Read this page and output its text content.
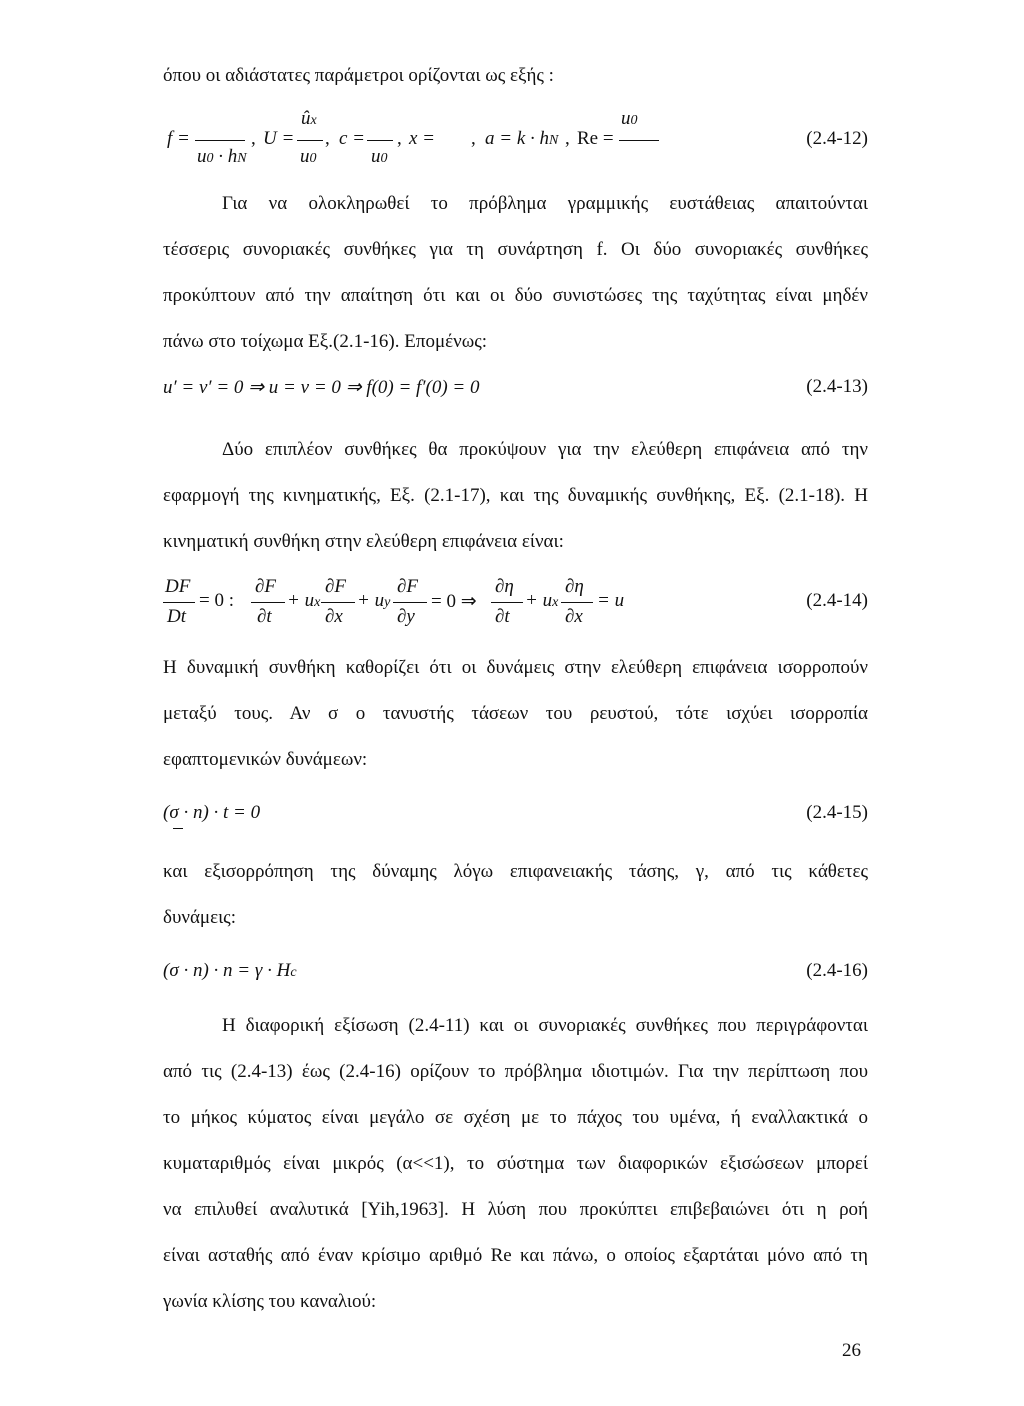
όπου οι αδιάστατες παράμετροι ορίζονται ως εξής :
f =
u0 · hN
, U =
ûx
u0
, c =
u0
, x = , a = k · hN , Re =
u0
(2.4-12)
Για να ολοκληρωθεί το πρόβλημα γραμμικής ευστάθειας απαιτούνται
τέσσερις συνοριακές συνθήκες για τη συνάρτηση f. Οι δύο συνοριακές συνθήκες
προκύπτουν από την απαίτηση ότι και οι δύο συνιστώσες της ταχύτητας είναι μηδέν
πάνω στο τοίχωμα Εξ.(2.1-16). Επομένως:
u′ = v′ = 0 ⇒ u = v = 0 ⇒ f(0) = f′(0) = 0	(2.4-13)
Δύο επιπλέον συνθήκες θα προκύψουν για την ελεύθερη επιφάνεια από την
εφαρμογή της κινηματικής, Εξ. (2.1-17), και της δυναμικής συνθήκης, Εξ. (2.1-18). Η
κινηματική συνθήκη στην ελεύθερη επιφάνεια είναι:
DF
Dt
= 0 :
∂F
∂t
+ ux
∂F
∂x
+ uy
∂F
∂y
= 0 ⇒
∂η
∂t
+ ux
∂η
∂x
= u	(2.4-14)
Η δυναμική συνθήκη καθορίζει ότι οι δυνάμεις στην ελεύθερη επιφάνεια ισορροπούν
μεταξύ τους. Αν σ ο τανυστής τάσεων του ρευστού, τότε ισχύει ισορροπία
εφαπτομενικών δυνάμεων:
(σ · n) · t = 0	(2.4-15)
και εξισορρόπηση της δύναμης λόγω επιφανειακής τάσης, γ, από τις κάθετες
δυνάμεις:
(σ · n) · n = γ · Hc	(2.4-16)
Η διαφορική εξίσωση (2.4-11) και οι συνοριακές συνθήκες που περιγράφονται
από τις (2.4-13) έως (2.4-16) ορίζουν το πρόβλημα ιδιοτιμών. Για την περίπτωση που
το μήκος κύματος είναι μεγάλο σε σχέση με το πάχος του υμένα, ή εναλλακτικά ο
κυματαριθμός είναι μικρός (α<<1), το σύστημα των διαφορικών εξισώσεων μπορεί
να επιλυθεί αναλυτικά [Yih,1963]. Η λύση που προκύπτει επιβεβαιώνει ότι η ροή
είναι ασταθής από έναν κρίσιμο αριθμό Re και πάνω, ο οποίος εξαρτάται μόνο από τη
γωνία κλίσης του καναλιού:
26
